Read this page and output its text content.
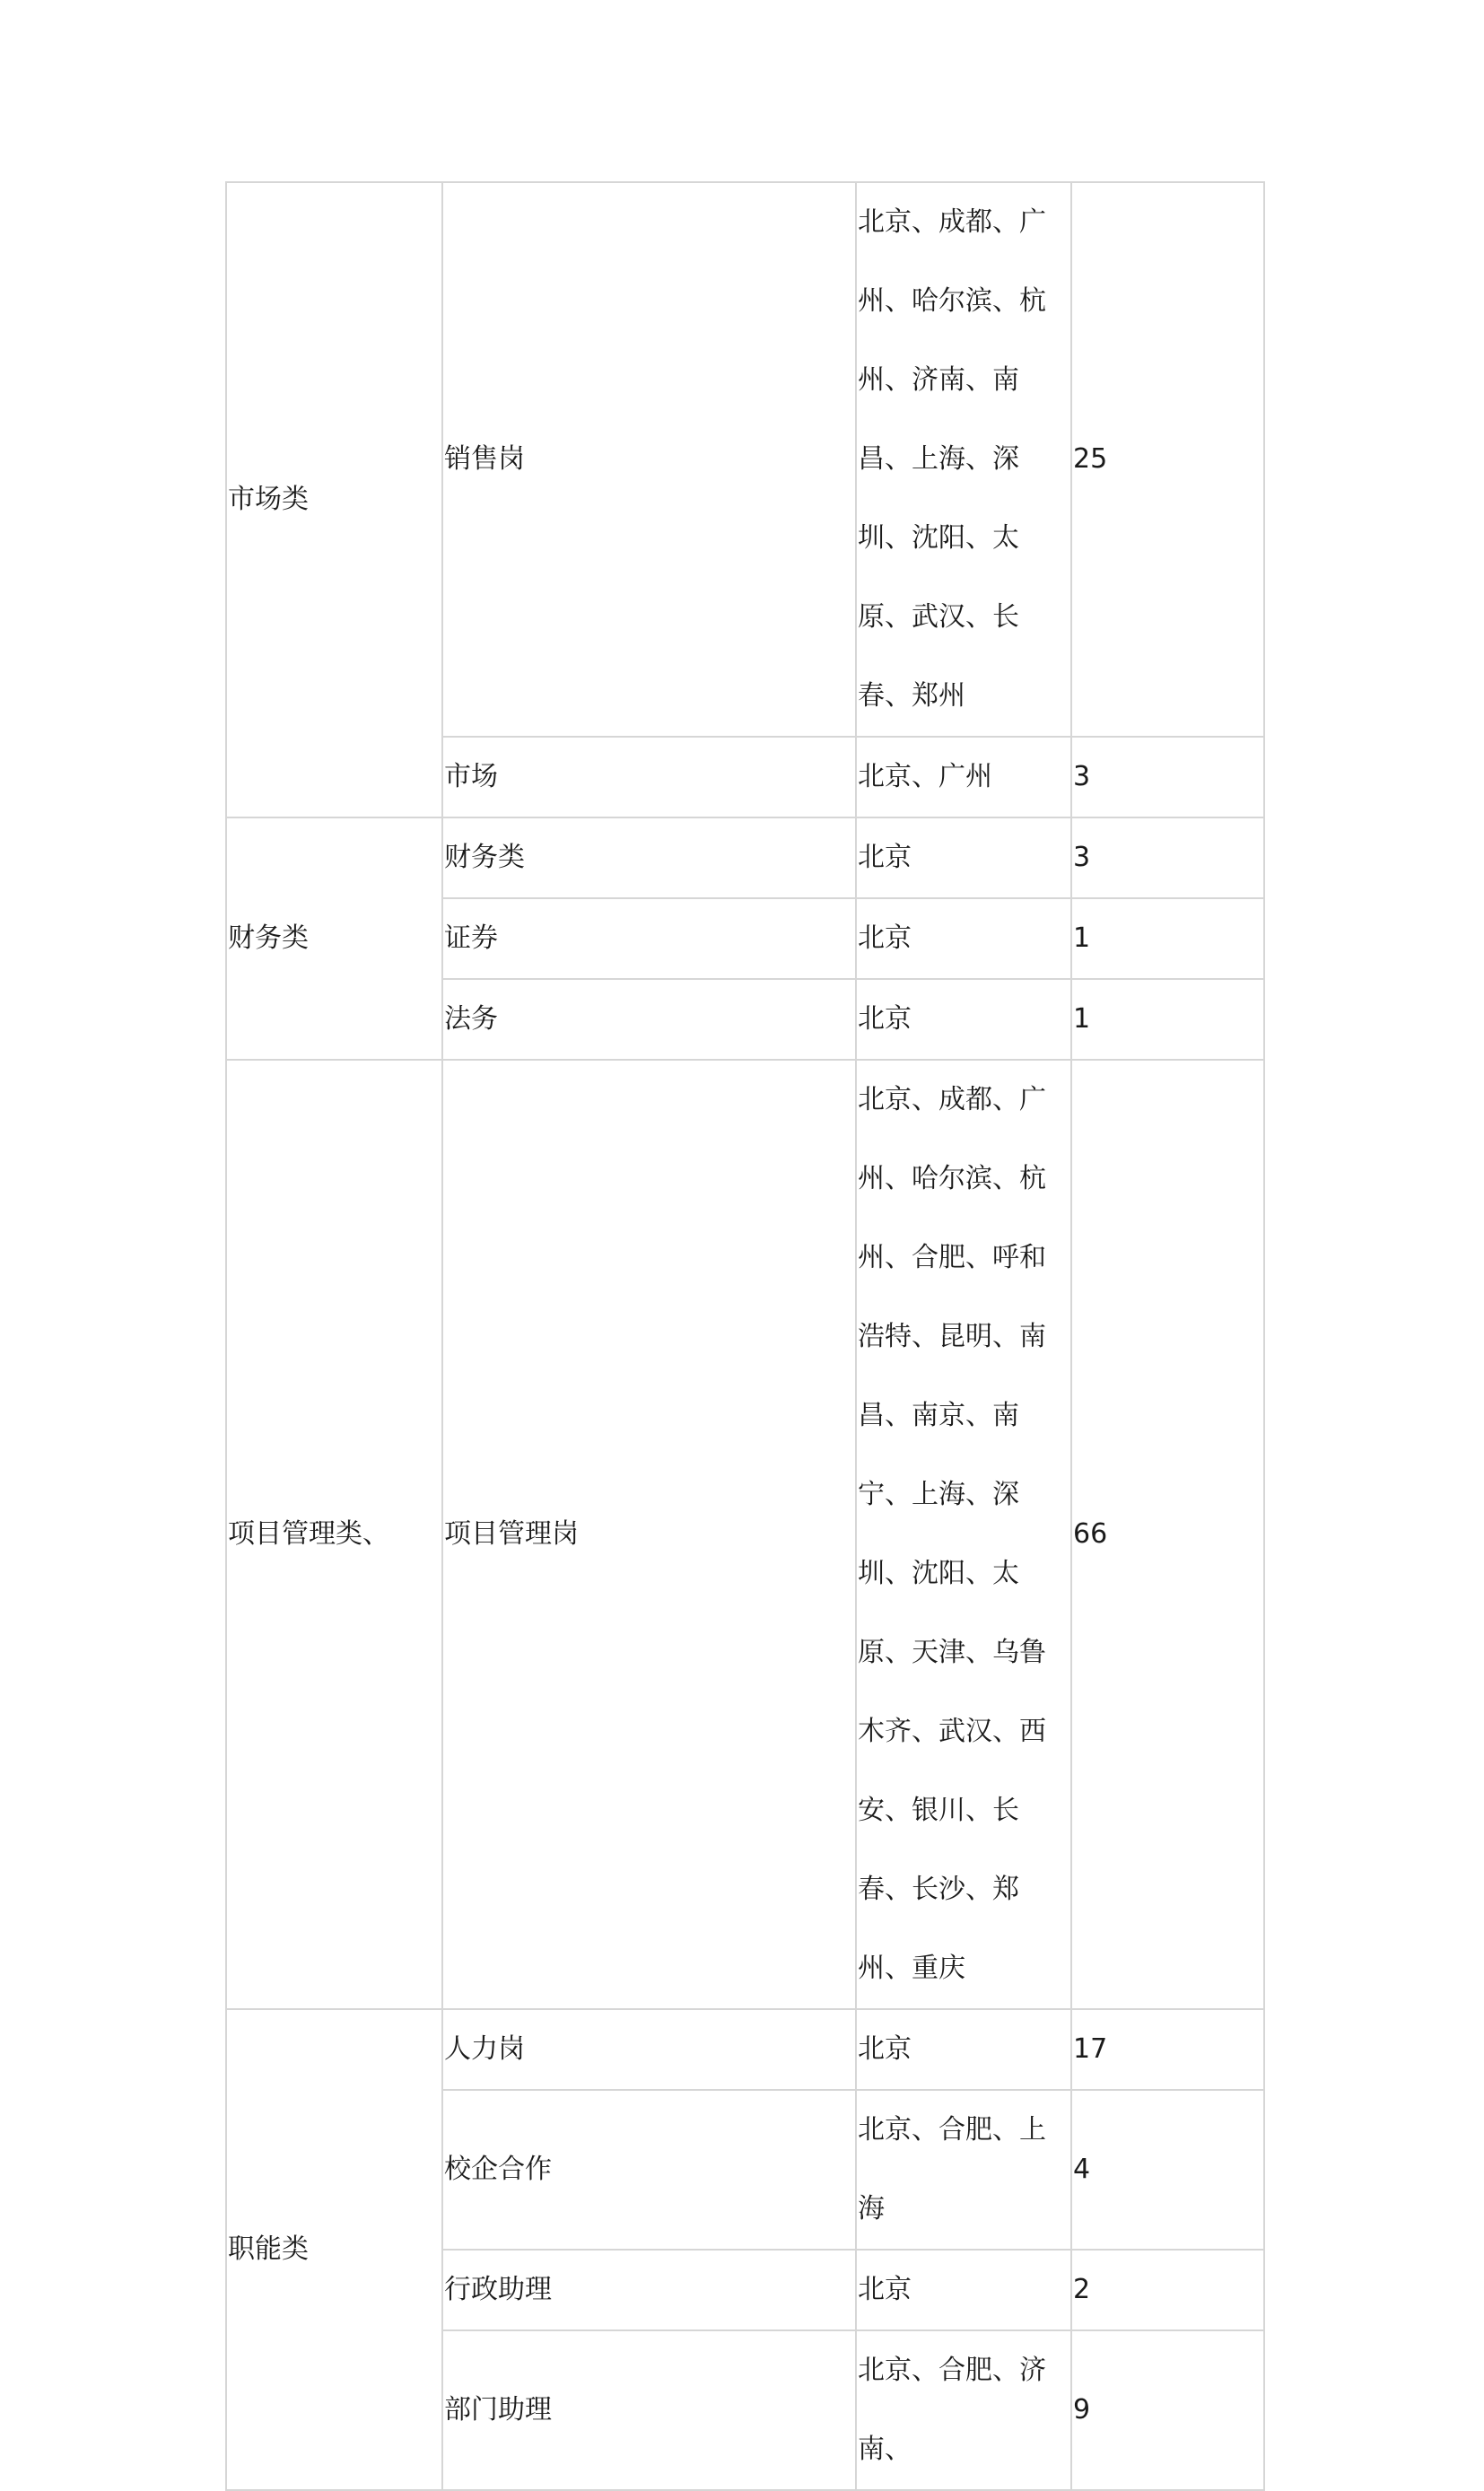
市场类	销售岗	北京、成都、广州、哈尔滨、杭州、济南、南昌、上海、深圳、沈阳、太原、武汉、长春、郑州	25
	市场	北京、广州	3
财务类	财务类	北京	3
	证券	北京	1
	法务	北京	1
项目管理类、	项目管理岗	北京、成都、广州、哈尔滨、杭州、合肥、呼和浩特、昆明、南昌、南京、南宁、上海、深圳、沈阳、太原、天津、乌鲁木齐、武汉、西安、银川、长春、长沙、郑州、重庆	66
职能类	人力岗	北京	17
	校企合作	北京、合肥、上海	4
	行政助理	北京	2
	部门助理	北京、合肥、济南、	9
